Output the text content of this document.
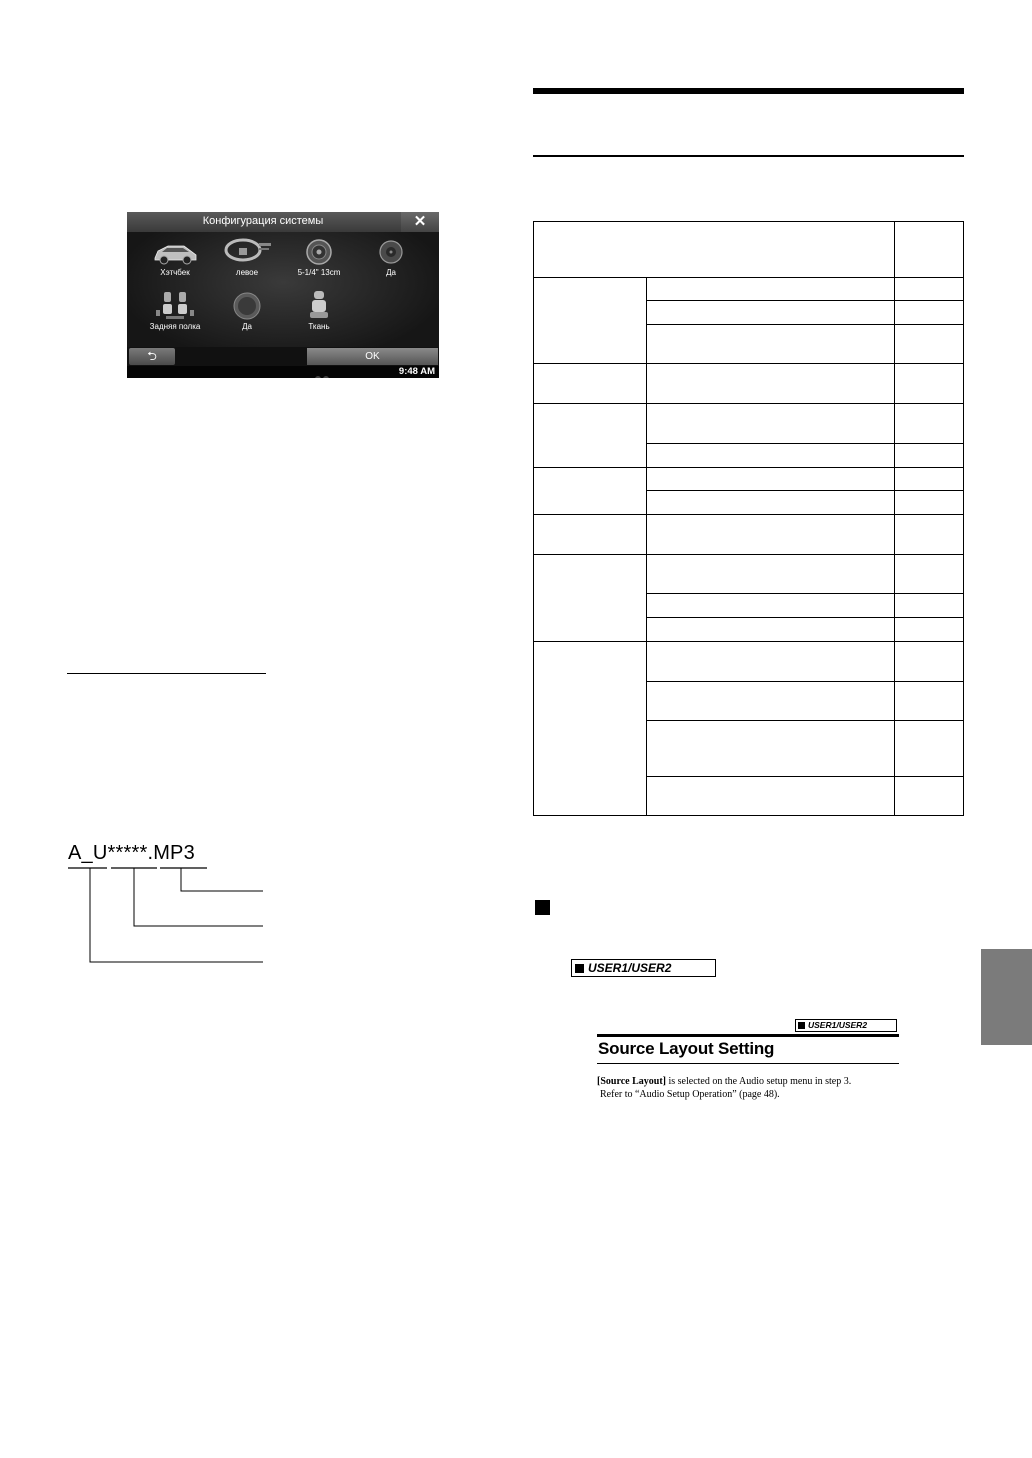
Конфигурация системы	✕
Хэтчбек	левое	5-1/4" 13cm	Да
Задняя полка	Да	Ткань
⮌	OK
9:48 AM
A_U*****.MP3

USER1/USER2
USER1/USER2
Source Layout Setting
[Source Layout] is selected on the Audio setup menu in step 3.
Refer to “Audio Setup Operation” (page 48).
